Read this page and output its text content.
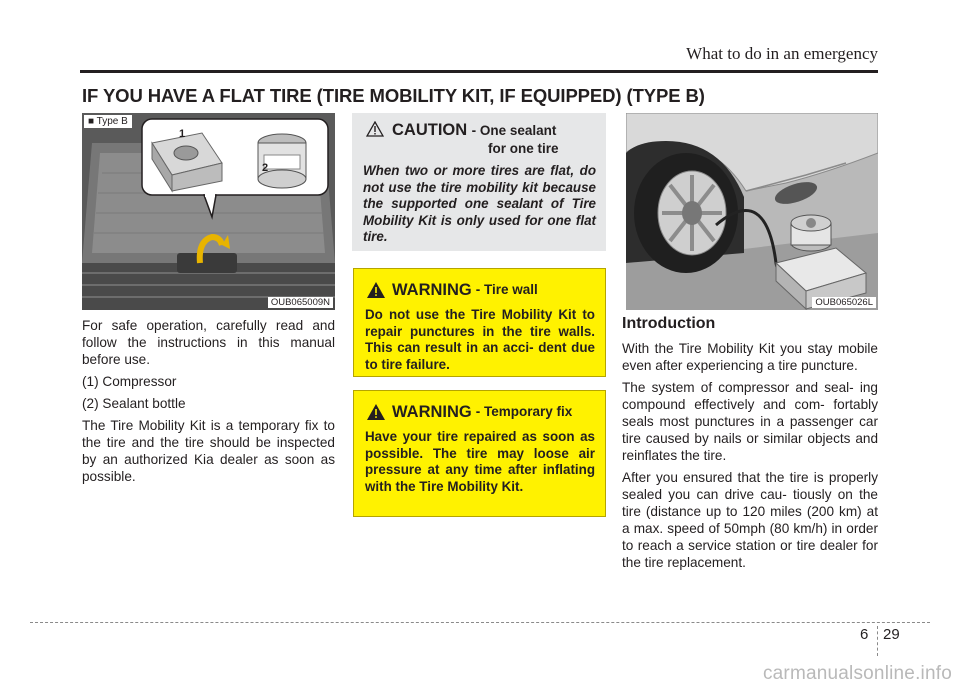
What to do in an emergency
IF YOU HAVE A FLAT TIRE (TIRE MOBILITY KIT, IF EQUIPPED) (TYPE B)
1
2
■ Type B
OUB065009N

For safe operation, carefully read and follow the instructions in this manual before use.

(1) Compressor

(2) Sealant bottle

The Tire Mobility Kit is a temporary fix to the tire and the tire should be inspected by an authorized Kia dealer as soon as possible.

CAUTION - One sealant
for one tire
When two or more tires are flat, do not use the tire mobility kit because the supported one sealant of Tire Mobility Kit is only used for one flat tire.
WARNING - Tire wall
Do not use the Tire Mobility Kit to repair punctures in the tire walls. This can result in an acci- dent due to tire failure.
WARNING - Temporary fix
Have your tire repaired as soon as possible. The tire may loose air pressure at any time after inflating with the Tire Mobility Kit.
OUB065026L
Introduction

With the Tire Mobility Kit you stay mobile even after experiencing a tire puncture.

The system of compressor and seal- ing compound effectively and com- fortably seals most punctures in a passenger car tire caused by nails or similar objects and reinflates the tire.

After you ensured that the tire is properly sealed you can drive cau- tiously on the tire (distance up to 120 miles (200 km) at a max. speed of 50mph (80 km/h) in order to reach a service station or tire dealer for the tire replacement.

6 29
carmanualsonline.info
